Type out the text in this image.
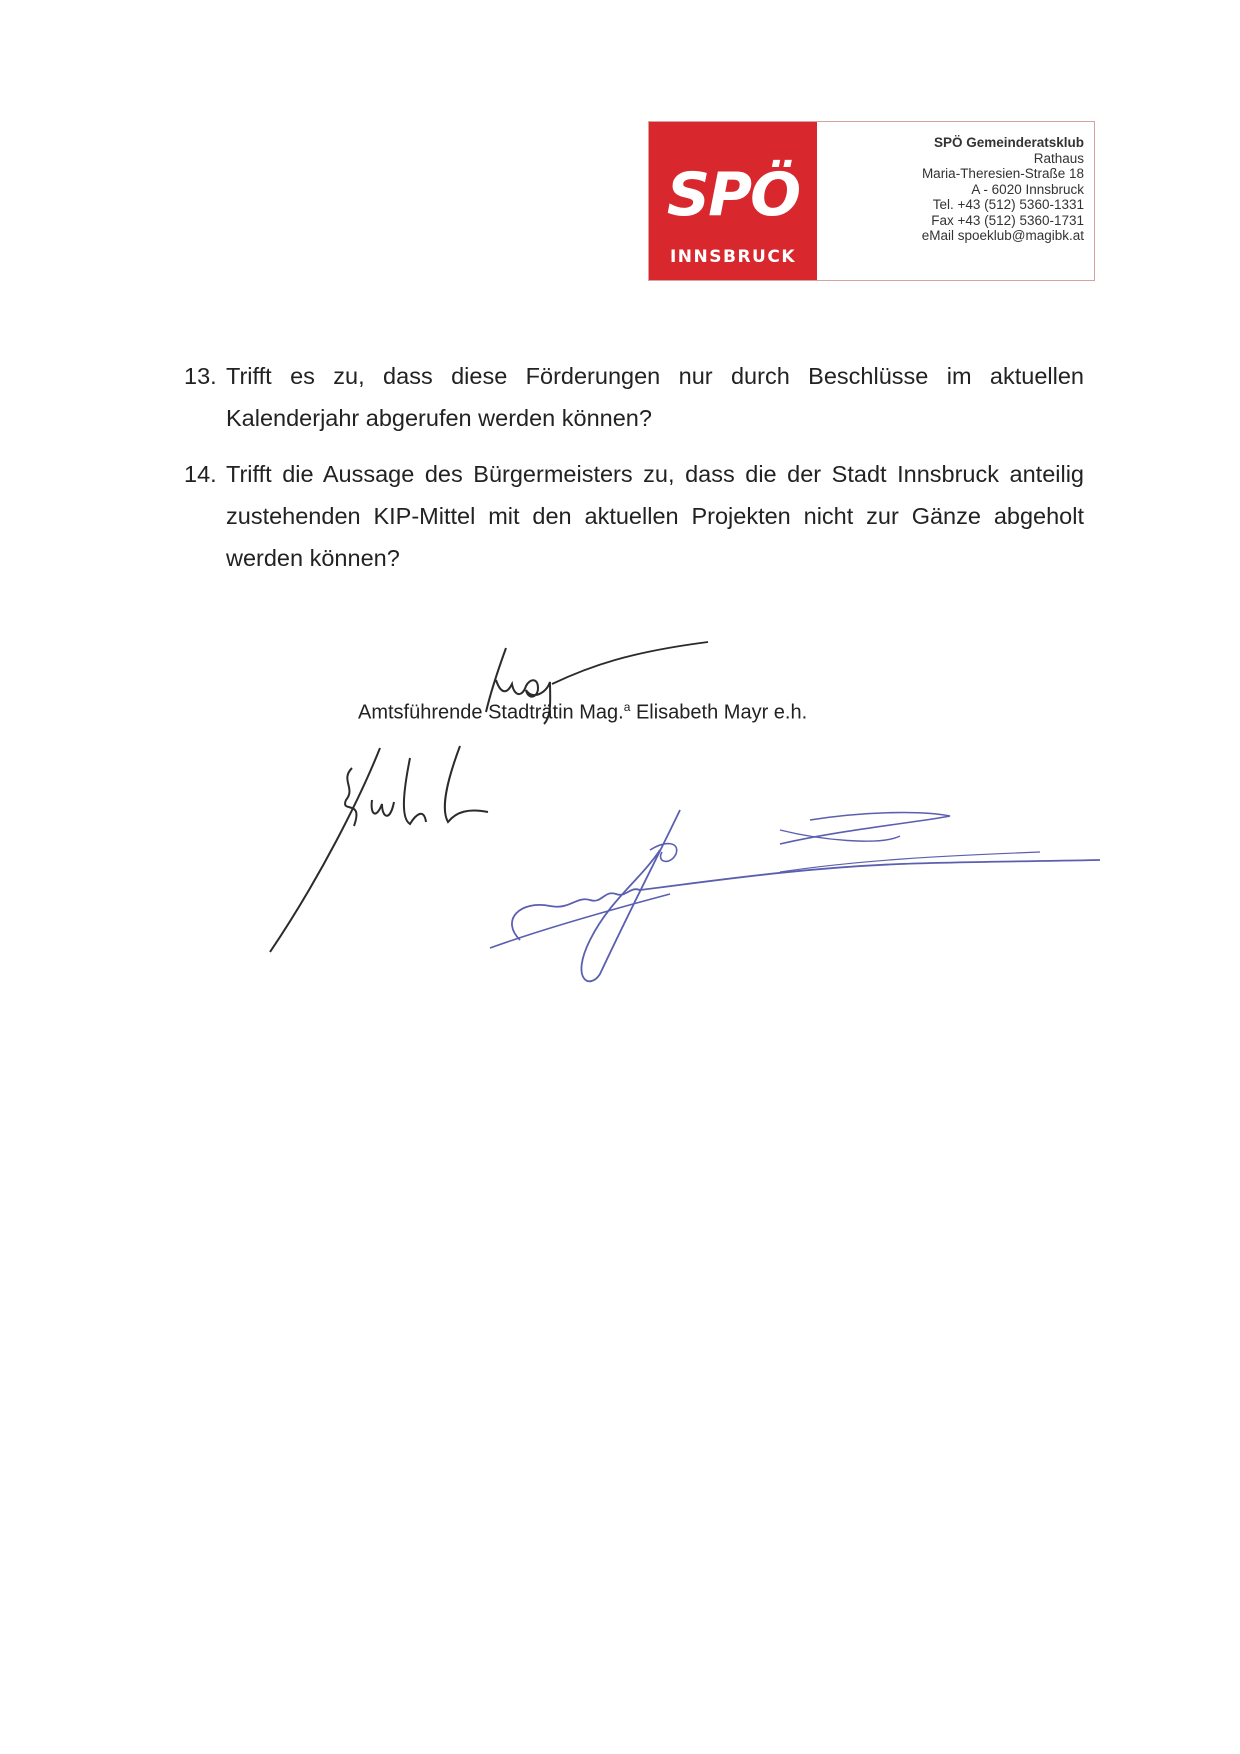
SPÖ
INNSBRUCK
SPÖ Gemeinderatsklub
Rathaus
Maria-Theresien-Straße 18
A - 6020 Innsbruck
Tel. +43 (512) 5360-1331
Fax +43 (512) 5360-1731
eMail spoeklub@magibk.at
13. Trifft es zu, dass diese Förderungen nur durch Beschlüsse im aktuellen Kalenderjahr abgerufen werden können?
14. Trifft die Aussage des Bürgermeisters zu, dass die der Stadt Innsbruck anteilig zustehenden KIP-Mittel mit den aktuellen Projekten nicht zur Gänze abgeholt werden können?
Amtsführende Stadträtin Mag.$^a$ Elisabeth Mayr e.h.
